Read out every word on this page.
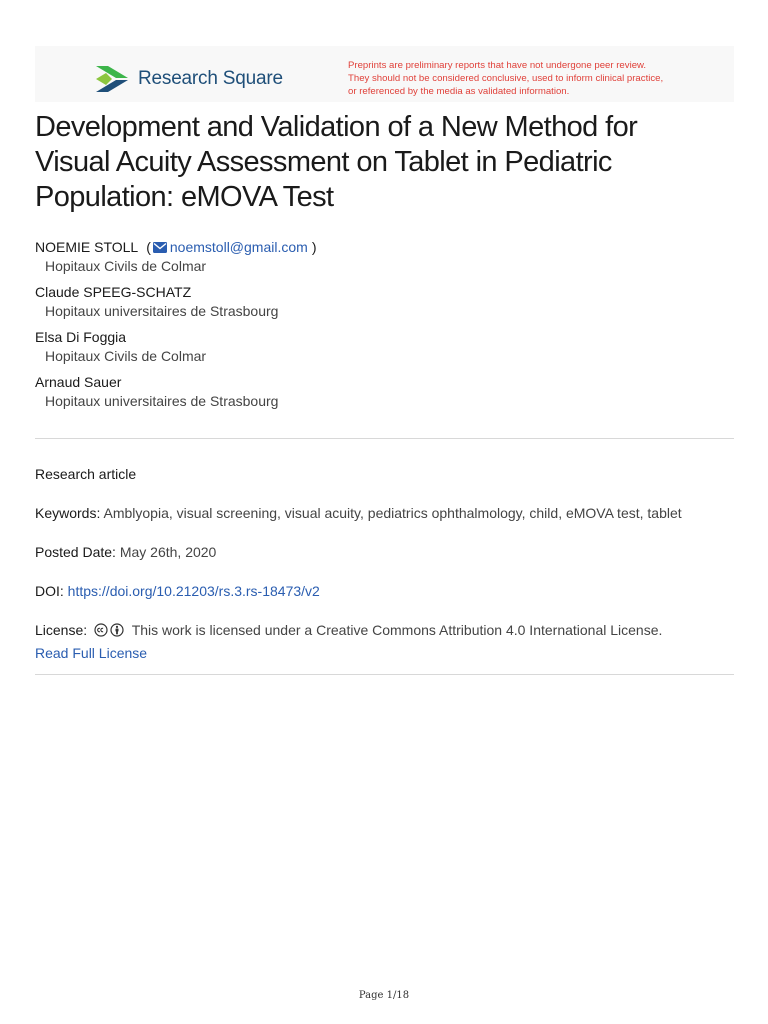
Research Square
Preprints are preliminary reports that have not undergone peer review.
They should not be considered conclusive, used to inform clinical practice,
or referenced by the media as validated information.
Development and Validation of a New Method for
Visual Acuity Assessment on Tablet in Pediatric
Population: eMOVA Test
NOEMIE STOLL ( noemstoll@gmail.com )
Hopitaux Civils de Colmar
Claude SPEEG-SCHATZ
Hopitaux universitaires de Strasbourg
Elsa Di Foggia
Hopitaux Civils de Colmar
Arnaud Sauer
Hopitaux universitaires de Strasbourg
Research article
Keywords: Amblyopia, visual screening, visual acuity, pediatrics ophthalmology, child, eMOVA test, tablet
Posted Date: May 26th, 2020
DOI: https://doi.org/10.21203/rs.3.rs-18473/v2
License:	This work is licensed under a Creative Commons Attribution 4.0 International License.
Read Full License
Page 1/18
